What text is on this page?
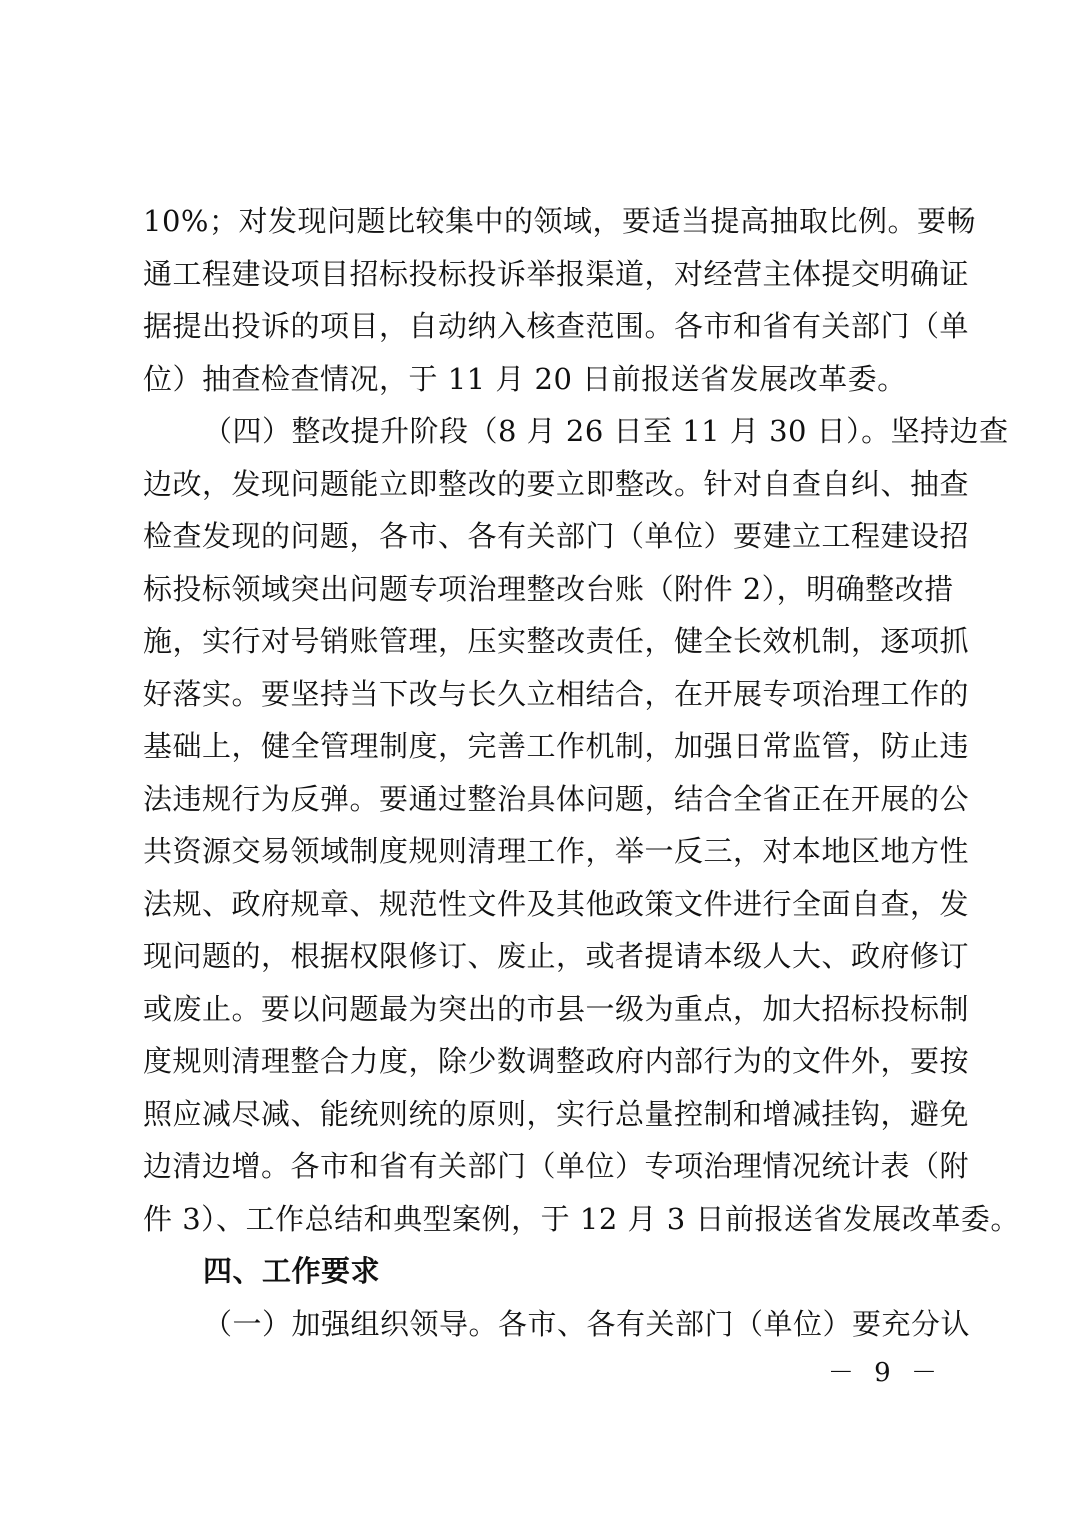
10%；对发现问题比较集中的领域，要适当提高抽取比例。要畅
通工程建设项目招标投标投诉举报渠道，对经营主体提交明确证
据提出投诉的项目，自动纳入核查范围。各市和省有关部门（单
位）抽查检查情况，于 11 月 20 日前报送省发展改革委。
（四）整改提升阶段（8 月 26 日至 11 月 30 日）。坚持边查
边改，发现问题能立即整改的要立即整改。针对自查自纠、抽查
检查发现的问题，各市、各有关部门（单位）要建立工程建设招
标投标领域突出问题专项治理整改台账（附件 2），明确整改措
施，实行对号销账管理，压实整改责任，健全长效机制，逐项抓
好落实。要坚持当下改与长久立相结合，在开展专项治理工作的
基础上，健全管理制度，完善工作机制，加强日常监管，防止违
法违规行为反弹。要通过整治具体问题，结合全省正在开展的公
共资源交易领域制度规则清理工作，举一反三，对本地区地方性
法规、政府规章、规范性文件及其他政策文件进行全面自查，发
现问题的，根据权限修订、废止，或者提请本级人大、政府修订
或废止。要以问题最为突出的市县一级为重点，加大招标投标制
度规则清理整合力度，除少数调整政府内部行为的文件外，要按
照应减尽减、能统则统的原则，实行总量控制和增减挂钩，避免
边清边增。各市和省有关部门（单位）专项治理情况统计表（附
件 3）、工作总结和典型案例，于 12 月 3 日前报送省发展改革委。
四、工作要求
（一）加强组织领导。各市、各有关部门（单位）要充分认
－ 9 －
